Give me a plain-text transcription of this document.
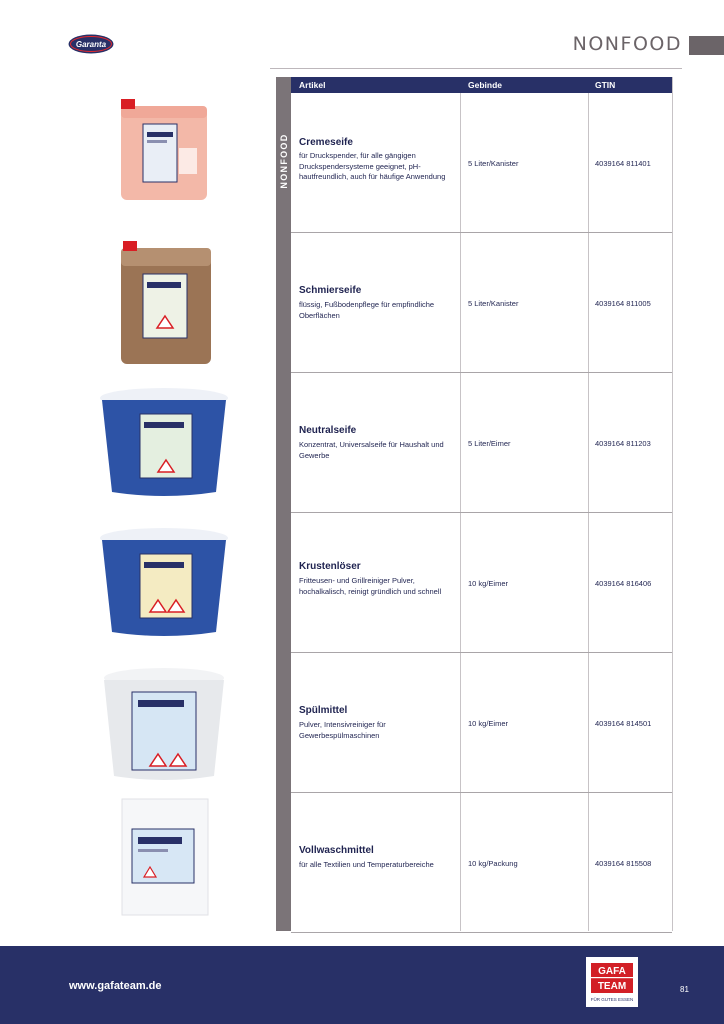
Garanta	NONFOOD
NONFOOD
Artikel	Gebinde	GTIN
Cremeseife
für Druckspender, für alle gängigen Druckspendersysteme geeignet, pH-hautfreundlich, auch für häufige Anwendung
5 Liter/Kanister	4039164 811401
Schmierseife
flüssig, Fußbodenpflege für empfindliche Oberflächen
5 Liter/Kanister	4039164 811005
Neutralseife
Konzentrat, Universalseife für Haushalt und Gewerbe
5 Liter/Eimer	4039164 811203
Krustenlöser
Fritteusen- und Grillreiniger Pulver, hochalkalisch, reinigt gründlich und schnell
10 kg/Eimer	4039164 816406
Spülmittel
Pulver, Intensivreiniger für Gewerbespülmaschinen
10 kg/Eimer	4039164 814501
Vollwaschmittel
für alle Textilien und Temperaturbereiche	10 kg/Packung	4039164 815508
www.gafateam.de	81
GAFA
TEAM
FÜR GUTES ESSEN
